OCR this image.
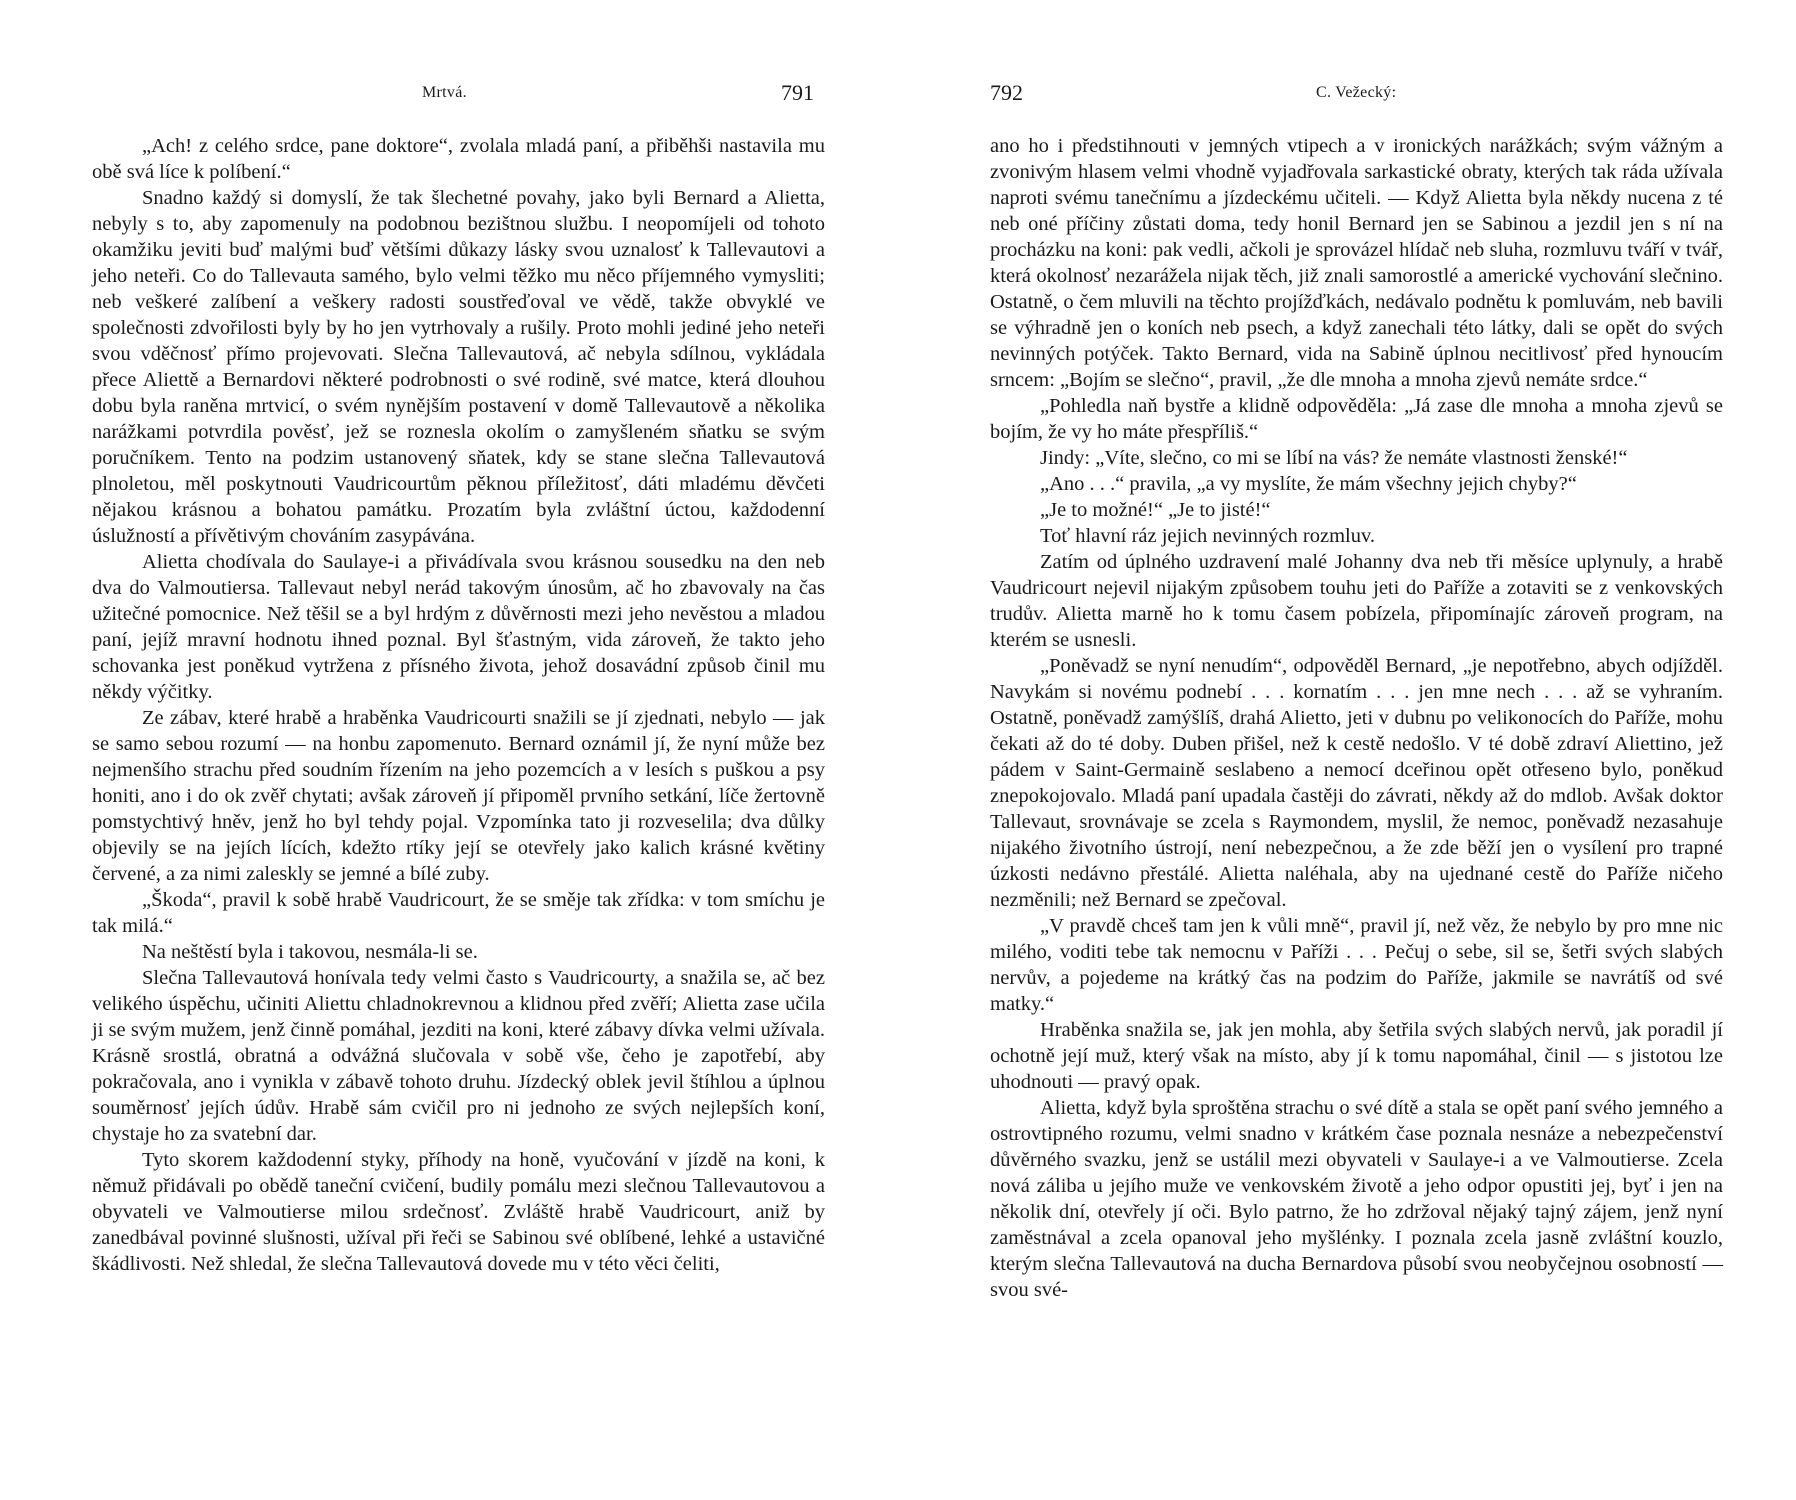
Mrtvá.	791

„Ach! z celého srdce, pane doktore“, zvolala mladá paní, a přiběhši nastavila mu obě svá líce k políbení.“

Snadno každý si domyslí, že tak šlechetné povahy, jako byli Bernard a Alietta, nebyly s to, aby zapomenuly na podobnou bezištnou službu. I neopomíjeli od tohoto okamžiku jeviti buď malými buď většími důkazy lásky svou uznalosť k Tallevautovi a jeho neteři. Co do Tallevauta samého, bylo velmi těžko mu něco příjemného vymysliti; neb veškeré zalíbení a veškery radosti soustřeďoval ve vědě, takže obvyklé ve společnosti zdvořilosti byly by ho jen vytrhovaly a rušily. Proto mohli jediné jeho neteři svou vděčnosť přímo projevovati. Slečna Tallevautová, ač nebyla sdílnou, vykládala přece Aliettě a Bernardovi některé podrobnosti o své rodině, své matce, která dlouhou dobu byla raněna mrtvicí, o svém nynějším postavení v domě Tallevautově a několika narážkami potvrdila pověsť, jež se roznesla okolím o zamyšleném sňatku se svým poručníkem. Tento na podzim ustanovený sňatek, kdy se stane slečna Tallevautová plnoletou, měl poskytnouti Vaudricourtům pěknou příležitosť, dáti mladému děvčeti nějakou krásnou a bohatou památku. Prozatím byla zvláštní úctou, každodenní úslužností a přívětivým chováním zasypávána.

Alietta chodívala do Saulaye-i a přivádívala svou krásnou sousedku na den neb dva do Valmoutiersa. Tallevaut nebyl nerád takovým únosům, ač ho zbavovaly na čas užitečné pomocnice. Než těšil se a byl hrdým z důvěrnosti mezi jeho nevěstou a mladou paní, jejíž mravní hodnotu ihned poznal. Byl šťastným, vida zároveň, že takto jeho schovanka jest poněkud vytržena z přísného života, jehož dosavádní způsob činil mu někdy výčitky.

Ze zábav, které hrabě a hraběnka Vaudricourti snažili se jí zjednati, nebylo — jak se samo sebou rozumí — na honbu zapomenuto. Bernard oznámil jí, že nyní může bez nejmenšího strachu před soudním řízením na jeho pozemcích a v lesích s puškou a psy honiti, ano i do ok zvěř chytati; avšak zároveň jí připoměl prvního setkání, líče žertovně pomstychtivý hněv, jenž ho byl tehdy pojal. Vzpomínka tato ji rozveselila; dva důlky objevily se na jejích lících, kdežto rtíky její se otevřely jako kalich krásné květiny červené, a za nimi zaleskly se jemné a bílé zuby.

„Škoda“, pravil k sobě hrabě Vaudricourt, že se směje tak zřídka: v tom smíchu je tak milá.“

Na neštěstí byla i takovou, nesmála-li se.

Slečna Tallevautová honívala tedy velmi často s Vaudricourty, a snažila se, ač bez velikého úspěchu, učiniti Aliettu chladnokrevnou a klidnou před zvěří; Alietta zase učila ji se svým mužem, jenž činně pomáhal, jezditi na koni, které zábavy dívka velmi užívala. Krásně srostlá, obratná a odvážná slučovala v sobě vše, čeho je zapotřebí, aby pokračovala, ano i vynikla v zábavě tohoto druhu. Jízdecký oblek jevil štíhlou a úplnou souměrnosť jejích údův. Hrabě sám cvičil pro ni jednoho ze svých nejlepších koní, chystaje ho za svatební dar.

Tyto skorem každodenní styky, příhody na honě, vyučování v jízdě na koni, k němuž přidávali po obědě taneční cvičení, budily pomálu mezi slečnou Tallevautovou a obyvateli ve Valmoutierse milou srdečnosť. Zvláště hrabě Vaudricourt, aniž by zanedbával povinné slušnosti, užíval při řeči se Sabinou své oblíbené, lehké a ustavičné škádlivosti. Než shledal, že slečna Tallevautová dovede mu v této věci čeliti,

792	C. Vežecký:

ano ho i předstihnouti v jemných vtipech a v ironických narážkách; svým vážným a zvonivým hlasem velmi vhodně vyjadřovala sarkastické obraty, kterých tak ráda užívala naproti svému tanečnímu a jízdeckému učiteli. — Když Alietta byla někdy nucena z té neb oné příčiny zůstati doma, tedy honil Bernard jen se Sabinou a jezdil jen s ní na procházku na koni: pak vedli, ačkoli je sprovázel hlídač neb sluha, rozmluvu tváří v tvář, která okolnosť nezarážela nijak těch, již znali samorostlé a americké vychování slečnino. Ostatně, o čem mluvili na těchto projížďkách, nedávalo podnětu k pomluvám, neb bavili se výhradně jen o koních neb psech, a když zanechali této látky, dali se opět do svých nevinných potýček. Takto Bernard, vida na Sabině úplnou necitlivosť před hynoucím srncem: „Bojím se slečno“, pravil, „že dle mnoha a mnoha zjevů nemáte srdce.“

„Pohledla naň bystře a klidně odpověděla: „Já zase dle mnoha a mnoha zjevů se bojím, že vy ho máte přespříliš.“

Jindy: „Víte, slečno, co mi se líbí na vás? že nemáte vlastnosti ženské!“

„Ano . . .“ pravila, „a vy myslíte, že mám všechny jejich chyby?“

„Je to možné!“ „Je to jisté!“

Toť hlavní ráz jejich nevinných rozmluv.

Zatím od úplného uzdravení malé Johanny dva neb tři měsíce uplynuly, a hrabě Vaudricourt nejevil nijakým způsobem touhu jeti do Paříže a zotaviti se z venkovských trudův. Alietta marně ho k tomu časem pobízela, připomínajíc zároveň program, na kterém se usnesli.

„Poněvadž se nyní nenudím“, odpověděl Bernard, „je nepotřebno, abych odjížděl. Navykám si novému podnebí . . . kornatím . . . jen mne nech . . . až se vyhraním. Ostatně, poněvadž zamýšlíš, drahá Alietto, jeti v dubnu po velikonocích do Paříže, mohu čekati až do té doby. Duben přišel, než k cestě nedošlo. V té době zdraví Aliettino, jež pádem v Saint-Germaině seslabeno a nemocí dceřinou opět otřeseno bylo, poněkud znepokojovalo. Mladá paní upadala častěji do závrati, někdy až do mdlob. Avšak doktor Tallevaut, srovnávaje se zcela s Raymondem, myslil, že nemoc, poněvadž nezasahuje nijakého životního ústrojí, není nebezpečnou, a že zde běží jen o vysílení pro trapné úzkosti nedávno přestálé. Alietta naléhala, aby na ujednané cestě do Paříže ničeho nezměnili; než Bernard se zpečoval.

„V pravdě chceš tam jen k vůli mně“, pravil jí, než věz, že nebylo by pro mne nic milého, voditi tebe tak nemocnu v Paříži . . . Pečuj o sebe, sil se, šetři svých slabých nervův, a pojedeme na krátký čas na podzim do Paříže, jakmile se navrátíš od své matky.“

Hraběnka snažila se, jak jen mohla, aby šetřila svých slabých nervů, jak poradil jí ochotně její muž, který však na místo, aby jí k tomu napomáhal, činil — s jistotou lze uhodnouti — pravý opak.

Alietta, když byla sproštěna strachu o své dítě a stala se opět paní svého jemného a ostrovtipného rozumu, velmi snadno v krátkém čase poznala nesnáze a nebezpečenství důvěrného svazku, jenž se ustálil mezi obyvateli v Saulaye-i a ve Valmoutierse. Zcela nová záliba u jejího muže ve venkovském životě a jeho odpor opustiti jej, byť i jen na několik dní, otevřely jí oči. Bylo patrno, že ho zdržoval nějaký tajný zájem, jenž nyní zaměstnával a zcela opanoval jeho myšlénky. I poznala zcela jasně zvláštní kouzlo, kterým slečna Tallevautová na ducha Bernardova působí svou neobyčejnou osobností — svou své-
